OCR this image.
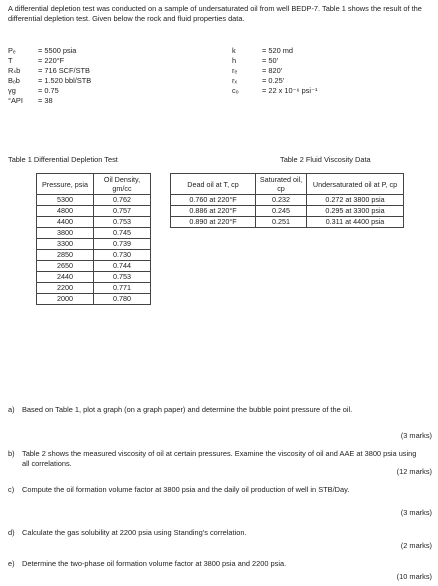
A differential depletion test was conducted on a sample of undersaturated oil from well BEDP-7. Table 1 shows the result of the differential depletion test. Given below the rock and fluid properties data.
Pₑ	= 5500 psia
T	= 220°F
Rₛb = 716 SCF/STB
Bₒb = 1.520 bbl/STB
γg	= 0.75
°API = 38
k	= 520 md
h	= 50'
rₑ	= 820'
rₓ	= 0.25'
cₒ	= 22 x 10⁻⁶ psi⁻¹
Table 1 Differential Depletion Test	Table 2 Fluid Viscosity Data
Pressure, psia	Oil Density, gm/cc
5300	0.762
4800	0.757
4400	0.753
3800	0.745
3300	0.739
2850	0.730
2650	0.744
2440	0.753
2200	0.771
2000	0.780
Dead oil at T, cp	Saturated oil, cp	Undersaturated oil at P, cp
0.760 at 220°F	0.232	0.272 at 3800 psia
0.886 at 220°F	0.245	0.295 at 3300 psia
0.890 at 220°F	0.251	0.311 at 4400 psia
a) Based on Table 1, plot a graph (on a graph paper) and determine the bubble point pressure of the oil.
(3 marks)
b) Table 2 shows the measured viscosity of oil at certain pressures. Examine the viscosity of oil and AAE at 3800 psia using all correlations.
(12 marks)
c) Compute the oil formation volume factor at 3800 psia and the daily oil production of well in STB/Day.
(3 marks)
d) Calculate the gas solubility at 2200 psia using Standing's correlation.
(2 marks)
e) Determine the two-phase oil formation volume factor at 3800 psia and 2200 psia.
(10 marks)
